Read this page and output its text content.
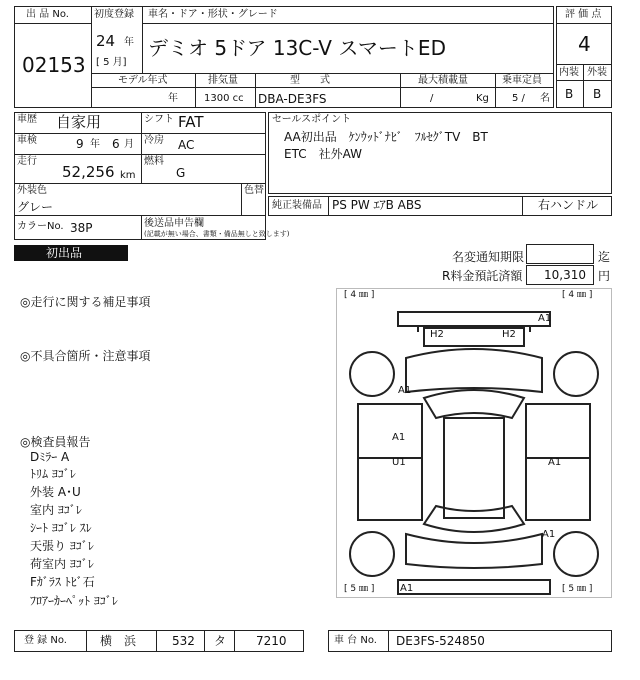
出 品 No.
02153
初度登録
24 年
[ 5 月]
車名・ドア・形状・グレード
デミオ 5ドア 13C-V スマートED
評 価 点
4
内装 外装
B B
モデル年式
年
排気量
1300 cc
型　　式
DBA-DE3FS
最大積載量
/	Kg
乗車定員
5 / 名
車歴 自家用	シフト FAT
車検	9 年 6 月 冷房 AC
走行
52,256 km
燃料
G
外装色
グレー
色替
カラーNo. 38P	後送品申告欄
(記載が無い場合、書類・備品無しと致します)
セールスポイント
AA初出品　ｹﾝｳｯﾄﾞﾅﾋﾞ　ﾌﾙｾｸﾞTV　BT
ETC　社外AW
純正装備品 PS PW ｴｱB ABS	右ハンドル
初出品	名変通知期限	迄
R料金預託済額 10,310 円
◎走行に関する補足事項
◎不具合箇所・注意事項
◎検査員報告
Dﾐﾗｰ A
ﾄﾘﾑ ﾖｺﾞﾚ
外装 A･U
室内 ﾖｺﾞﾚ
ｼｰﾄ ﾖｺﾞﾚ ｽﾚ
天張り ﾖｺﾞﾚ
荷室内 ﾖｺﾞﾚ
Fｶﾞﾗｽ ﾄﾋﾞ石
ﾌﾛｱｰｶｰﾍﾟｯﾄ ﾖｺﾞﾚ
[ 4 ㎜ ]	[ 4 ㎜ ]
[ 5 ㎜ ]	[ 5 ㎜ ]
A1
H2	H2
A1
A1
U1	A1
A1
A1
登 録 No.	横　浜	532 タ 7210	車 台 No. DE3FS-524850
